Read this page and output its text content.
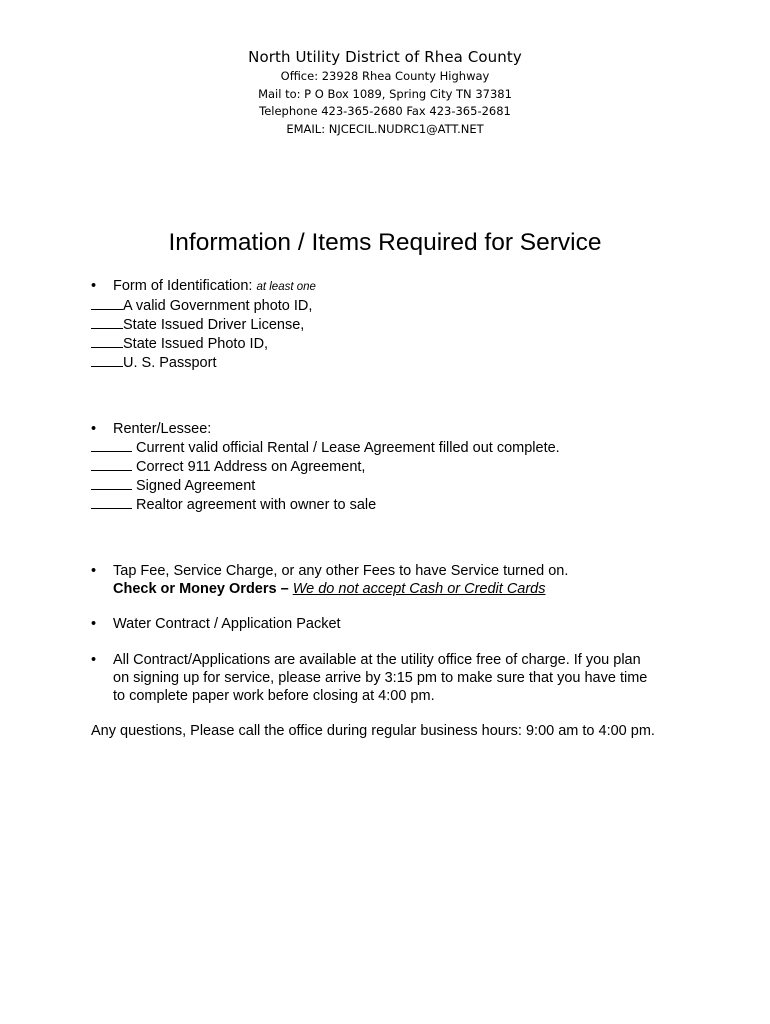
North Utility District of Rhea County
Office: 23928 Rhea County Highway
Mail to: P O Box 1089, Spring City TN 37381
Telephone 423-365-2680 Fax 423-365-2681
EMAIL: NJCECIL.NUDRC1@ATT.NET
Information / Items Required for Service
•	Form of Identification: at least one
A valid Government photo ID,
State Issued Driver License,
State Issued Photo ID,
U. S. Passport
•	Renter/Lessee:
Current valid official Rental / Lease Agreement filled out complete.
Correct 911 Address on Agreement,
Signed Agreement
Realtor agreement with owner to sale
•	Tap Fee, Service Charge, or any other Fees to have Service turned on.
Check or Money Orders – We do not accept Cash or Credit Cards
•	Water Contract / Application Packet
•	All Contract/Applications are available at the utility office free of charge. If you plan
on signing up for service, please arrive by 3:15 pm to make sure that you have time
to complete paper work before closing at 4:00 pm.
Any questions, Please call the office during regular business hours: 9:00 am to 4:00 pm.
